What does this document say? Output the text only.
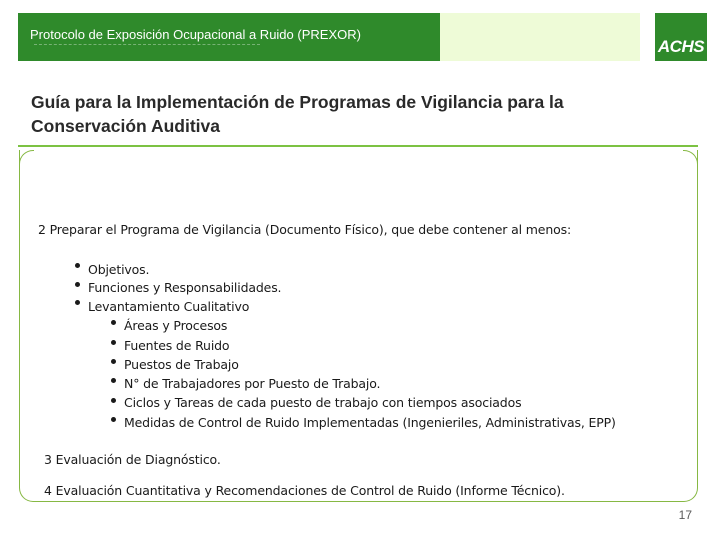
Protocolo de Exposición Ocupacional a Ruido (PREXOR)
ACHS
Guía para la Implementación de Programas de Vigilancia para la Conservación Auditiva
2 Preparar el Programa de Vigilancia (Documento Físico), que debe contener al menos:
Objetivos.
Funciones y Responsabilidades.
Levantamiento Cualitativo
Áreas y Procesos
Fuentes de Ruido
Puestos de Trabajo
N° de Trabajadores por Puesto de Trabajo.
Ciclos y Tareas de cada puesto de trabajo con tiempos asociados
Medidas de Control de Ruido Implementadas (Ingenieriles, Administrativas, EPP)
3 Evaluación de Diagnóstico.
4 Evaluación Cuantitativa y Recomendaciones de Control de Ruido (Informe Técnico).
17
